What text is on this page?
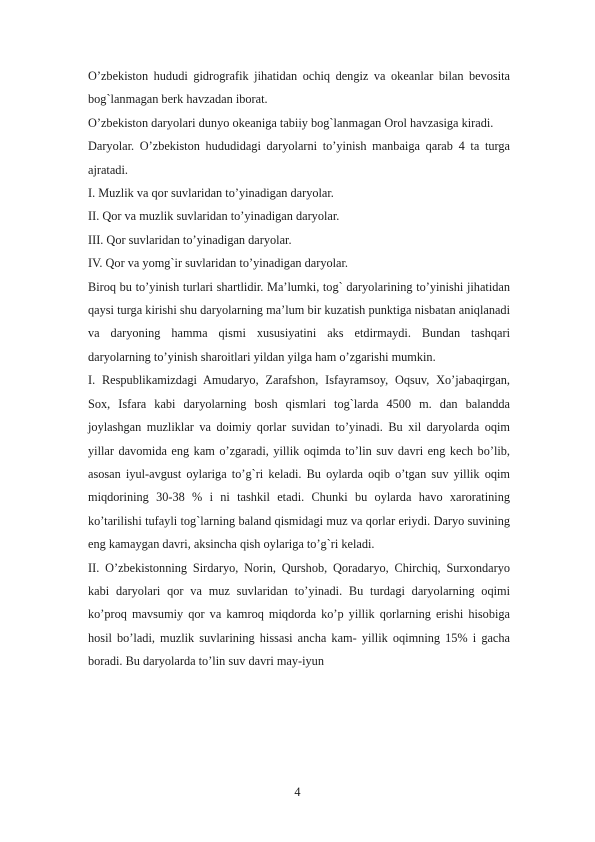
O’zbekiston hududi gidrografik jihatidan ochiq dengiz va okeanlar bilan bevosita bog`lanmagan berk havzadan iborat.

O’zbekiston daryolari dunyo okeaniga tabiiy bog`lanmagan Orol havzasiga kiradi.

Daryolar. O’zbekiston hududidagi daryolarni to’yinish manbaiga qarab 4 ta turga ajratadi.

I. Muzlik va qor suvlaridan to’yinadigan daryolar.

II. Qor va muzlik suvlaridan to’yinadigan daryolar.

III. Qor suvlaridan to’yinadigan daryolar.

IV. Qor va yomg`ir suvlaridan to’yinadigan daryolar.

Biroq bu to’yinish turlari shartlidir. Ma’lumki, tog` daryolarining to’yinishi jihatidan qaysi turga kirishi shu daryolarning ma’lum bir kuzatish punktiga nisbatan aniqlanadi va daryoning hamma qismi xususiyatini aks etdirmaydi. Bundan tashqari daryolarning to’yinish sharoitlari yildan yilga ham o’zgarishi mumkin.

I. Respublikamizdagi Amudaryo, Zarafshon, Isfayramsoy, Oqsuv, Xo’jabaqirgan, Sox, Isfara kabi daryolarning bosh qismlari tog`larda 4500 m. dan balandda joylashgan muzliklar va doimiy qorlar suvidan to’yinadi. Bu xil daryolarda oqim yillar davomida eng kam o’zgaradi, yillik oqimda to’lin suv davri eng kech bo’lib, asosan iyul-avgust oylariga to’g`ri keladi. Bu oylarda oqib o’tgan suv yillik oqim miqdorining 30-38 % i ni tashkil etadi. Chunki bu oylarda havo xaroratining ko’tarilishi tufayli tog`larning baland qismidagi muz va qorlar eriydi. Daryo suvining eng kamaygan davri, aksincha qish oylariga to’g`ri keladi.

II. O’zbekistonning Sirdaryo, Norin, Qurshob, Qoradaryo, Chirchiq, Surxondaryo kabi daryolari qor va muz suvlaridan to’yinadi. Bu turdagi daryolarning oqimi ko’proq mavsumiy qor va kamroq miqdorda ko’p yillik qorlarning erishi hisobiga hosil bo’ladi, muzlik suvlarining hissasi ancha kam- yillik oqimning 15% i gacha boradi. Bu daryolarda to’lin suv davri may-iyun

4
